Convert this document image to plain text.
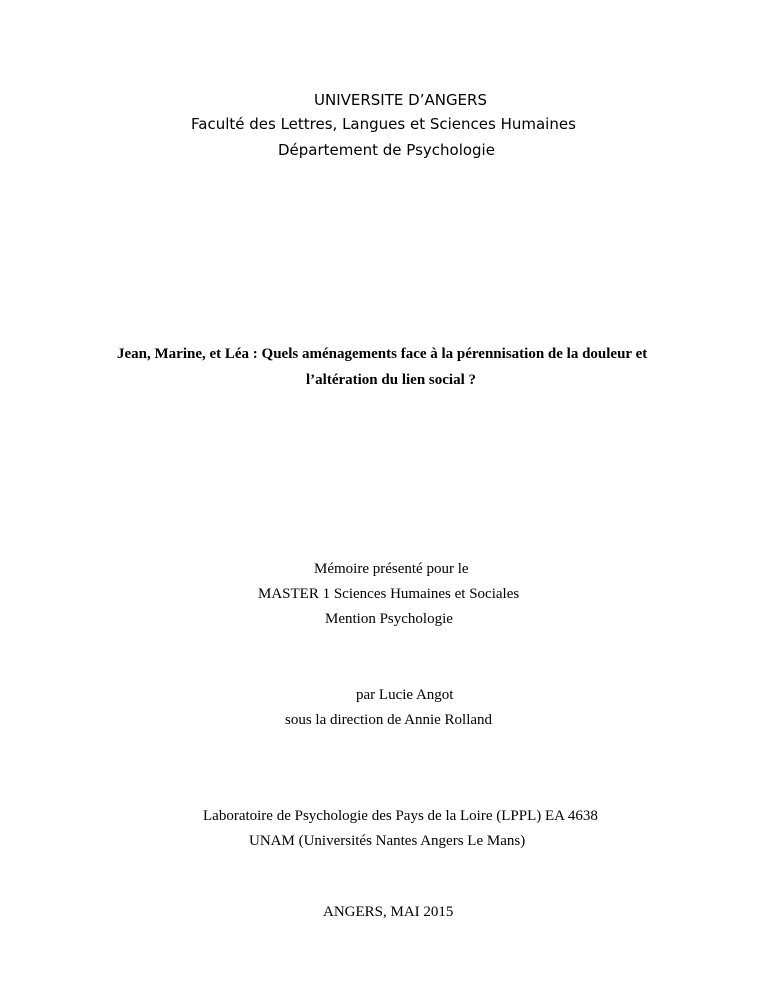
UNIVERSITE D’ANGERS
Faculté des Lettres, Langues et Sciences Humaines
Département de Psychologie
Jean, Marine, et Léa : Quels aménagements face à la pérennisation de la douleur et
l’altération du lien social ?
Mémoire présenté pour le
MASTER 1 Sciences Humaines et Sociales
Mention Psychologie
par Lucie Angot
sous la direction de Annie Rolland
Laboratoire de Psychologie des Pays de la Loire (LPPL) EA 4638
UNAM (Universités Nantes Angers Le Mans)
ANGERS, MAI 2015
